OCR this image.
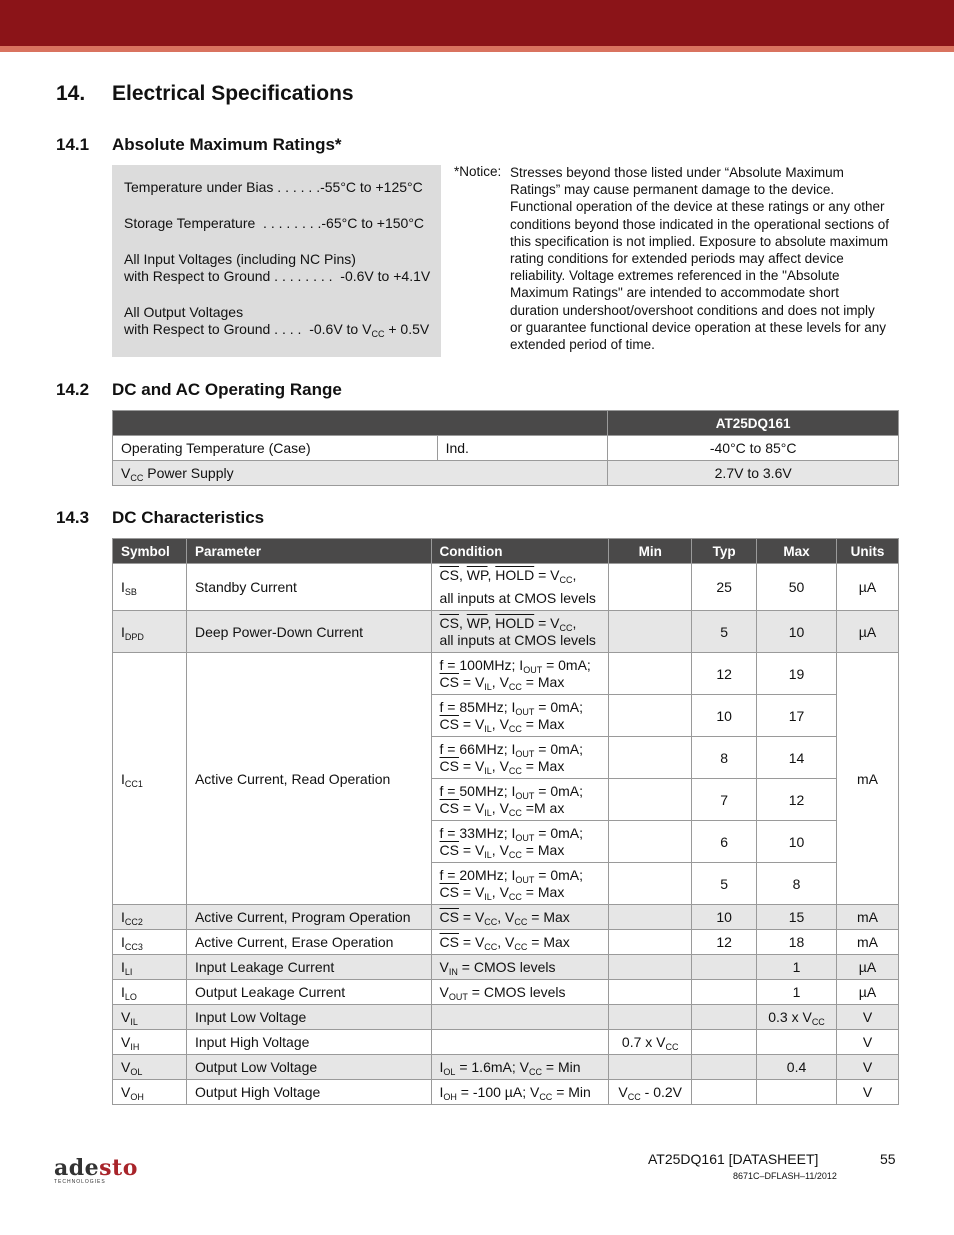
14. Electrical Specifications
14.1 Absolute Maximum Ratings*
Temperature under Bias . . . . . .-55°C to +125°C
Storage Temperature  . . . . . . . .-65°C to +150°C
All Input Voltages (including NC Pins)
with Respect to Ground . . . . . . . .  -0.6V to +4.1V
All Output Voltages
with Respect to Ground . . . .  -0.6V to $V_{CC} + 0.5V$
*Notice: Stresses beyond those listed under “Absolute Maximum Ratings” may cause permanent damage to the device. Functional operation of the device at these ratings or any other conditions beyond those indicated in the operational sections of this specification is not implied. Exposure to absolute maximum rating conditions for extended periods may affect device reliability. Voltage extremes referenced in the "Absolute Maximum Ratings" are intended to accommodate short duration undershoot/overshoot conditions and does not imply or guarantee functional device operation at these levels for any extended period of time.
14.2 DC and AC Operating Range
		AT25DQ161
Operating Temperature (Case)	Ind.	-40°C to 85°C
$V_{CC}$ Power Supply		2.7V to 3.6V
14.3 DC Characteristics
Symbol	Parameter	Condition	Min	Typ	Max	Units
$I_{SB}$	Standby Current	$\overline{CS}$, $\overline{WP}$, HOLD = $V_{CC}$,
all inputs at CMOS levels		25	50	µA
$I_{DPD}$	Deep Power-Down Current	$\overline{CS}$, $\overline{WP}$, HOLD = $V_{CC}$,
all inputs at CMOS levels		5	10	µA
$I_{CC1}$	Active Current, Read Operation	f = 100MHz; $I_{OUT} = 0mA$;
$\overline{CS} = V_{IL}$, $V_{CC}$ = Max		12	19	mA
		f = 85MHz; $I_{OUT} = 0mA$;
$\overline{CS} = V_{IL}$, $V_{CC}$ = Max		10	17	
		f = 66MHz; $I_{OUT} = 0mA$;
$\overline{CS} = V_{IL}$, $V_{CC}$ = Max		8	14	
		f = 50MHz; $I_{OUT} = 0mA$;
$\overline{CS} = V_{IL}$, $V_{CC} =M$ ax		7	12	
		f = 33MHz; $I_{OUT} = 0mA$;
$\overline{CS} = V_{IL}$, $V_{CC}$ = Max		6	10	
		f = 20MHz; $I_{OUT} = 0mA$;
$\overline{CS} = V_{IL}$, $V_{CC}$ = Max		5	8	
$I_{CC2}$	Active Current, Program Operation	$\overline{CS} = V_{CC}$, $V_{CC}$ = Max		10	15	mA
$I_{CC3}$	Active Current, Erase Operation	$\overline{CS} = V_{CC}$, $V_{CC}$ = Max		12	18	mA
$I_{LI}$	Input Leakage Current	$V_{IN}$ = CMOS levels			1	µA
$I_{LO}$	Output Leakage Current	$V_{OUT}$ = CMOS levels			1	µA
$V_{IL}$	Input Low Voltage				0.3 x $V_{CC}$	V
$V_{IH}$	Input High Voltage		0.7 x $V_{CC}$			V
$V_{OL}$	Output Low Voltage	$I_{OL} = 1.6mA$; $V_{CC}$ = Min			0.4	V
$V_{OH}$	Output High Voltage	$I_{OH} = -100$ µA; $V_{CC}$ = Min	$V_{CC} - 0.2V$			V
adesto
TECHNOLOGIES
AT25DQ161 [DATASHEET]	55
8671C–DFLASH–11/2012
